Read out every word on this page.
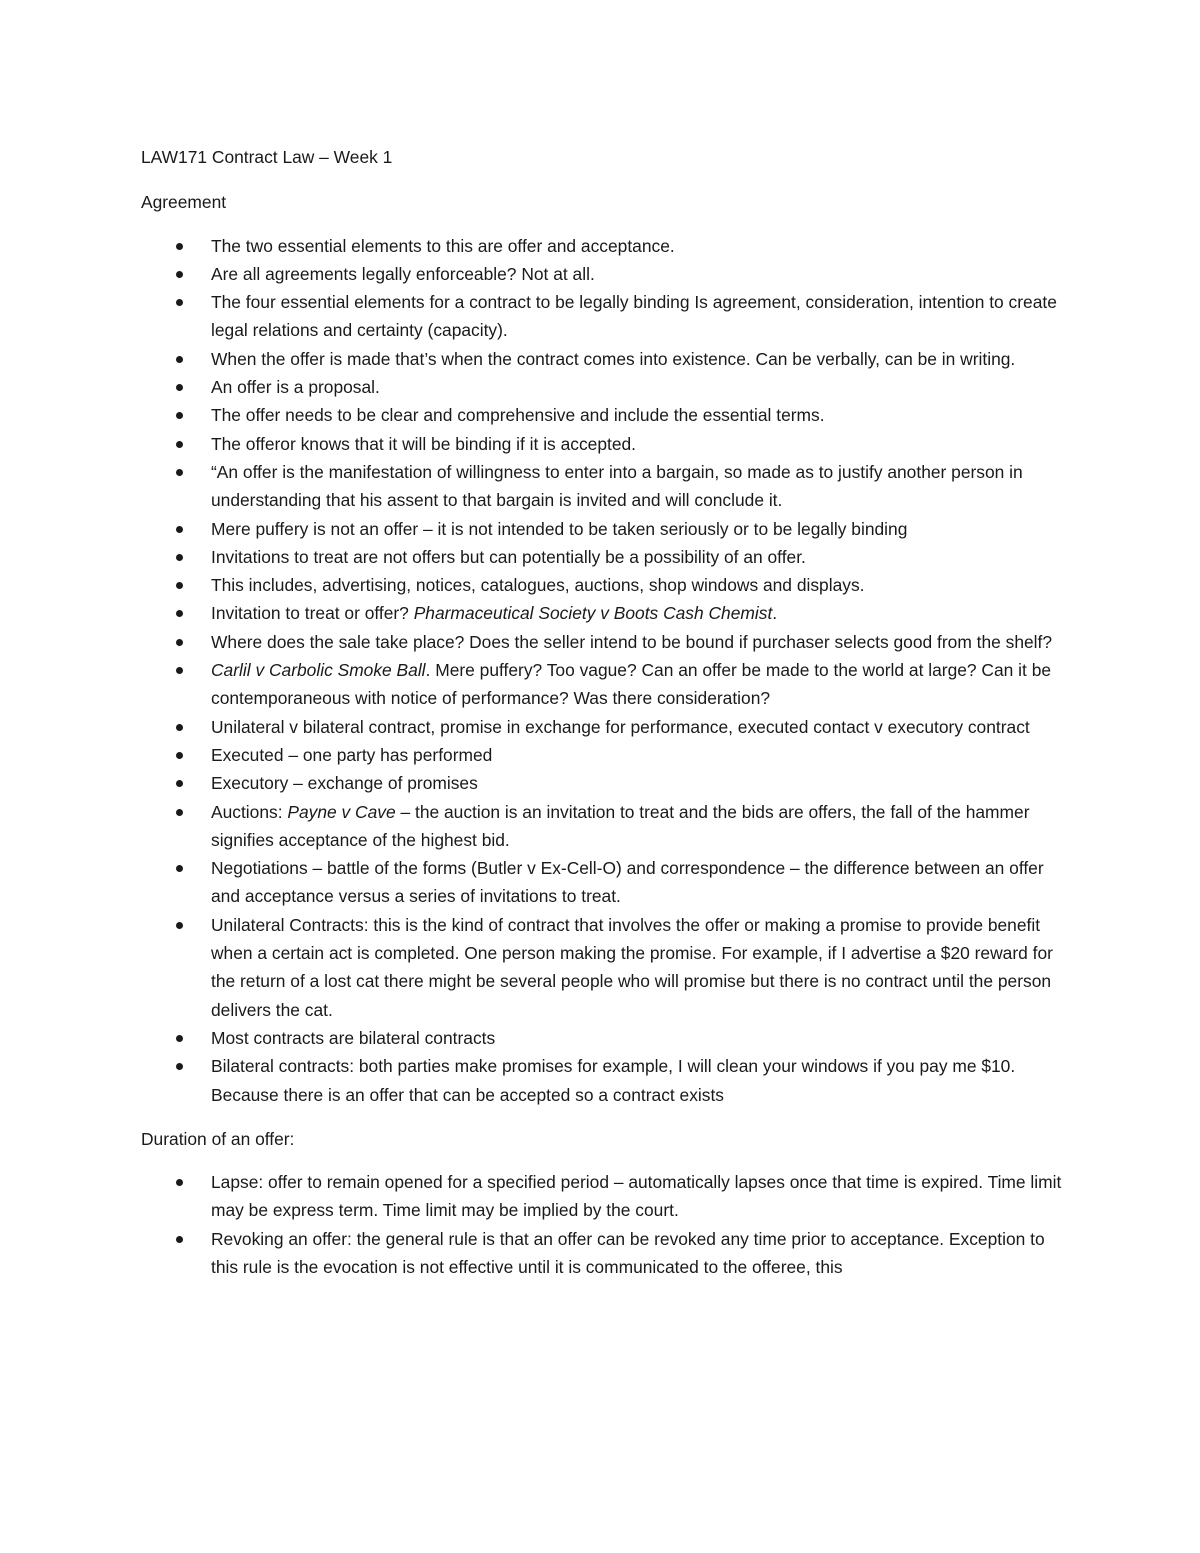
LAW171 Contract Law – Week 1

Agreement

The two essential elements to this are offer and acceptance.
Are all agreements legally enforceable? Not at all.
The four essential elements for a contract to be legally binding Is agreement, consideration, intention to create legal relations and certainty (capacity).
When the offer is made that’s when the contract comes into existence. Can be verbally, can be in writing.
An offer is a proposal.
The offer needs to be clear and comprehensive and include the essential terms.
The offeror knows that it will be binding if it is accepted.
“An offer is the manifestation of willingness to enter into a bargain, so made as to justify another person in understanding that his assent to that bargain is invited and will conclude it.
Mere puffery is not an offer – it is not intended to be taken seriously or to be legally binding
Invitations to treat are not offers but can potentially be a possibility of an offer.
This includes, advertising, notices, catalogues, auctions, shop windows and displays.
Invitation to treat or offer? Pharmaceutical Society v Boots Cash Chemist.
Where does the sale take place? Does the seller intend to be bound if purchaser selects good from the shelf?
Carlil v Carbolic Smoke Ball. Mere puffery? Too vague? Can an offer be made to the world at large? Can it be contemporaneous with notice of performance? Was there consideration?
Unilateral v bilateral contract, promise in exchange for performance, executed contact v executory contract
Executed – one party has performed
Executory – exchange of promises
Auctions: Payne v Cave – the auction is an invitation to treat and the bids are offers, the fall of the hammer signifies acceptance of the highest bid.
Negotiations – battle of the forms (Butler v Ex-Cell-O) and correspondence – the difference between an offer and acceptance versus a series of invitations to treat.
Unilateral Contracts: this is the kind of contract that involves the offer or making a promise to provide benefit when a certain act is completed. One person making the promise. For example, if I advertise a $20 reward for the return of a lost cat there might be several people who will promise but there is no contract until the person delivers the cat.
Most contracts are bilateral contracts
Bilateral contracts: both parties make promises for example, I will clean your windows if you pay me $10. Because there is an offer that can be accepted so a contract exists

Duration of an offer:

Lapse: offer to remain opened for a specified period – automatically lapses once that time is expired. Time limit may be express term. Time limit may be implied by the court.
Revoking an offer: the general rule is that an offer can be revoked any time prior to acceptance. Exception to this rule is the evocation is not effective until it is communicated to the offeree, this
